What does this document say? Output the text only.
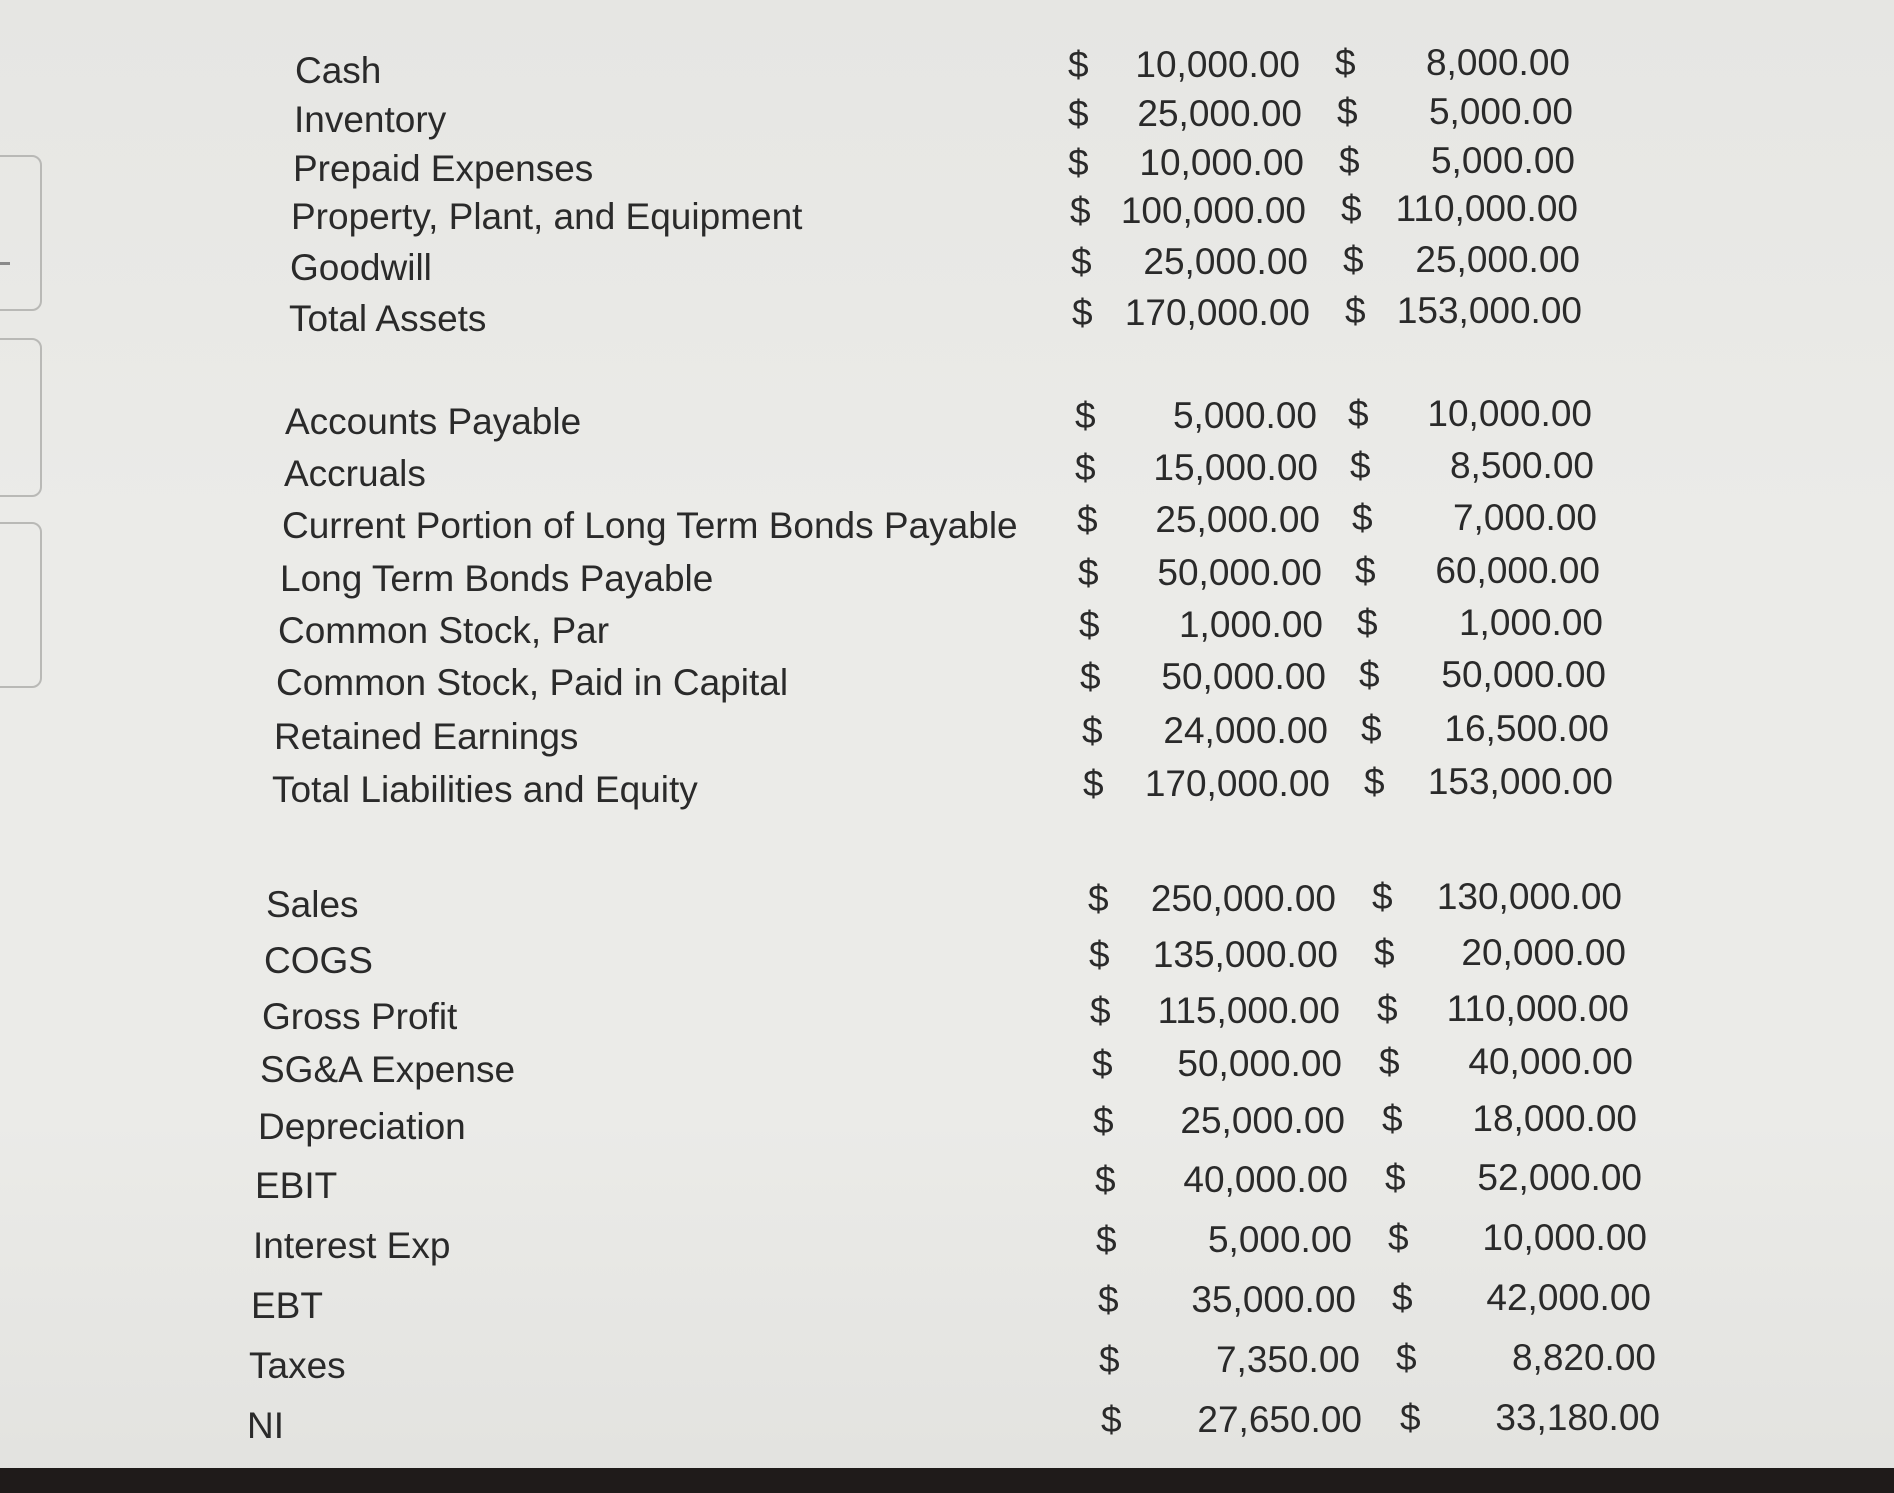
Cash	$	10,000.00 $	8,000.00
Inventory	$	25,000.00 $	5,000.00
Prepaid Expenses	$	10,000.00 $	5,000.00
Property, Plant, and Equipment	$ 100,000.00 $ 110,000.00
Goodwill	$	25,000.00 $	25,000.00
Total Assets	$ 170,000.00 $ 153,000.00
Accounts Payable	$	5,000.00 $	10,000.00
Accruals	$	15,000.00 $	8,500.00
Current Portion of Long Term Bonds Payable $	25,000.00 $	7,000.00
Long Term Bonds Payable	$	50,000.00 $	60,000.00
Common Stock, Par	$	1,000.00 $	1,000.00
Common Stock, Paid in Capital	$	50,000.00 $	50,000.00
Retained Earnings	$	24,000.00 $	16,500.00
Total Liabilities and Equity	$	170,000.00 $	153,000.00
Sales	$	250,000.00 $	130,000.00
COGS	$	135,000.00 $	20,000.00
Gross Profit	$	115,000.00 $	110,000.00
SG&A Expense	$	50,000.00 $	40,000.00
Depreciation	$	25,000.00 $	18,000.00
EBIT	$	40,000.00 $	52,000.00
Interest Exp	$	5,000.00 $	10,000.00
EBT	$	35,000.00 $	42,000.00
Taxes	$	7,350.00 $	8,820.00
NI	$	27,650.00 $	33,180.00
